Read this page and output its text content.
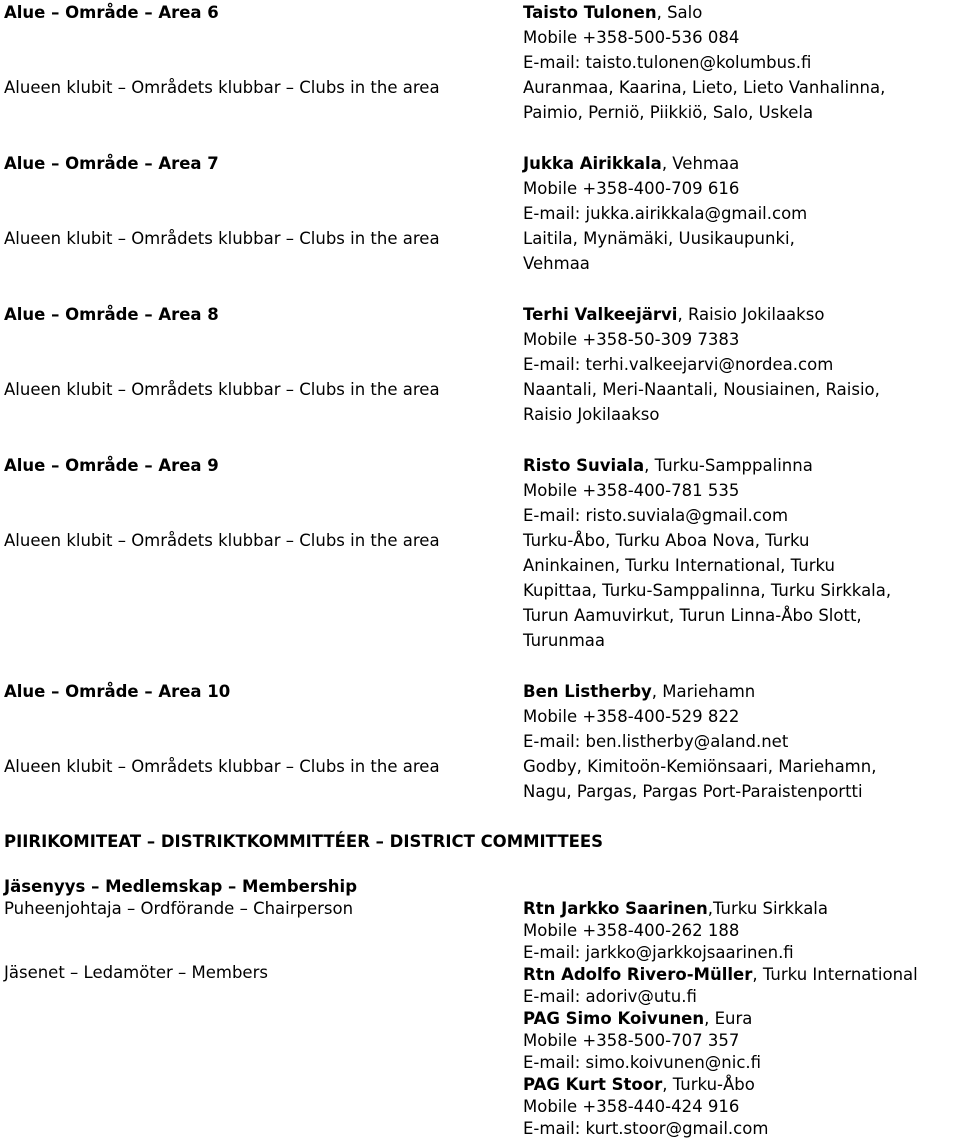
Alue – Område – Area 6
Alueen klubit – Områdets klubbar – Clubs in the area
Taisto Tulonen, Salo
Mobile +358-500-536 084
E-mail: taisto.tulonen@kolumbus.fi
Auranmaa, Kaarina, Lieto, Lieto Vanhalinna,
Paimio, Perniö, Piikkiö, Salo, Uskela
Alue – Område – Area 7
Alueen klubit – Områdets klubbar – Clubs in the area
Jukka Airikkala, Vehmaa
Mobile +358-400-709 616
E-mail: jukka.airikkala@gmail.com
Laitila, Mynämäki, Uusikaupunki,
Vehmaa
Alue – Område – Area 8
Alueen klubit – Områdets klubbar – Clubs in the area
Terhi Valkeejärvi, Raisio Jokilaakso
Mobile +358-50-309 7383
E-mail: terhi.valkeejarvi@nordea.com
Naantali, Meri-Naantali, Nousiainen, Raisio,
Raisio Jokilaakso
Alue – Område – Area 9
Alueen klubit – Områdets klubbar – Clubs in the area
Risto Suviala, Turku-Samppalinna
Mobile +358-400-781 535
E-mail: risto.suviala@gmail.com
Turku-Åbo, Turku Aboa Nova, Turku
Aninkainen, Turku International, Turku
Kupittaa, Turku-Samppalinna, Turku Sirkkala,
Turun Aamuvirkut, Turun Linna-Åbo Slott,
Turunmaa
Alue – Område – Area 10
Alueen klubit – Områdets klubbar – Clubs in the area
Ben Listherby, Mariehamn
Mobile +358-400-529 822
E-mail: ben.listherby@aland.net
Godby, Kimitoön-Kemiönsaari, Mariehamn,
Nagu, Pargas, Pargas Port-Paraistenportti
PIIRIKOMITEAT – DISTRIKTKOMMITTÉER – DISTRICT COMMITTEES
Jäsenyys – Medlemskap – Membership
Puheenjohtaja – Ordförande – Chairperson
Jäsenet – Ledamöter – Members
Rtn Jarkko Saarinen,Turku Sirkkala
Mobile +358-400-262 188
E-mail: jarkko@jarkkojsaarinen.fi
Rtn Adolfo Rivero-Müller, Turku International
E-mail: adoriv@utu.fi
PAG Simo Koivunen, Eura
Mobile +358-500-707 357
E-mail: simo.koivunen@nic.fi
PAG Kurt Stoor, Turku-Åbo
Mobile +358-440-424 916
E-mail: kurt.stoor@gmail.com
